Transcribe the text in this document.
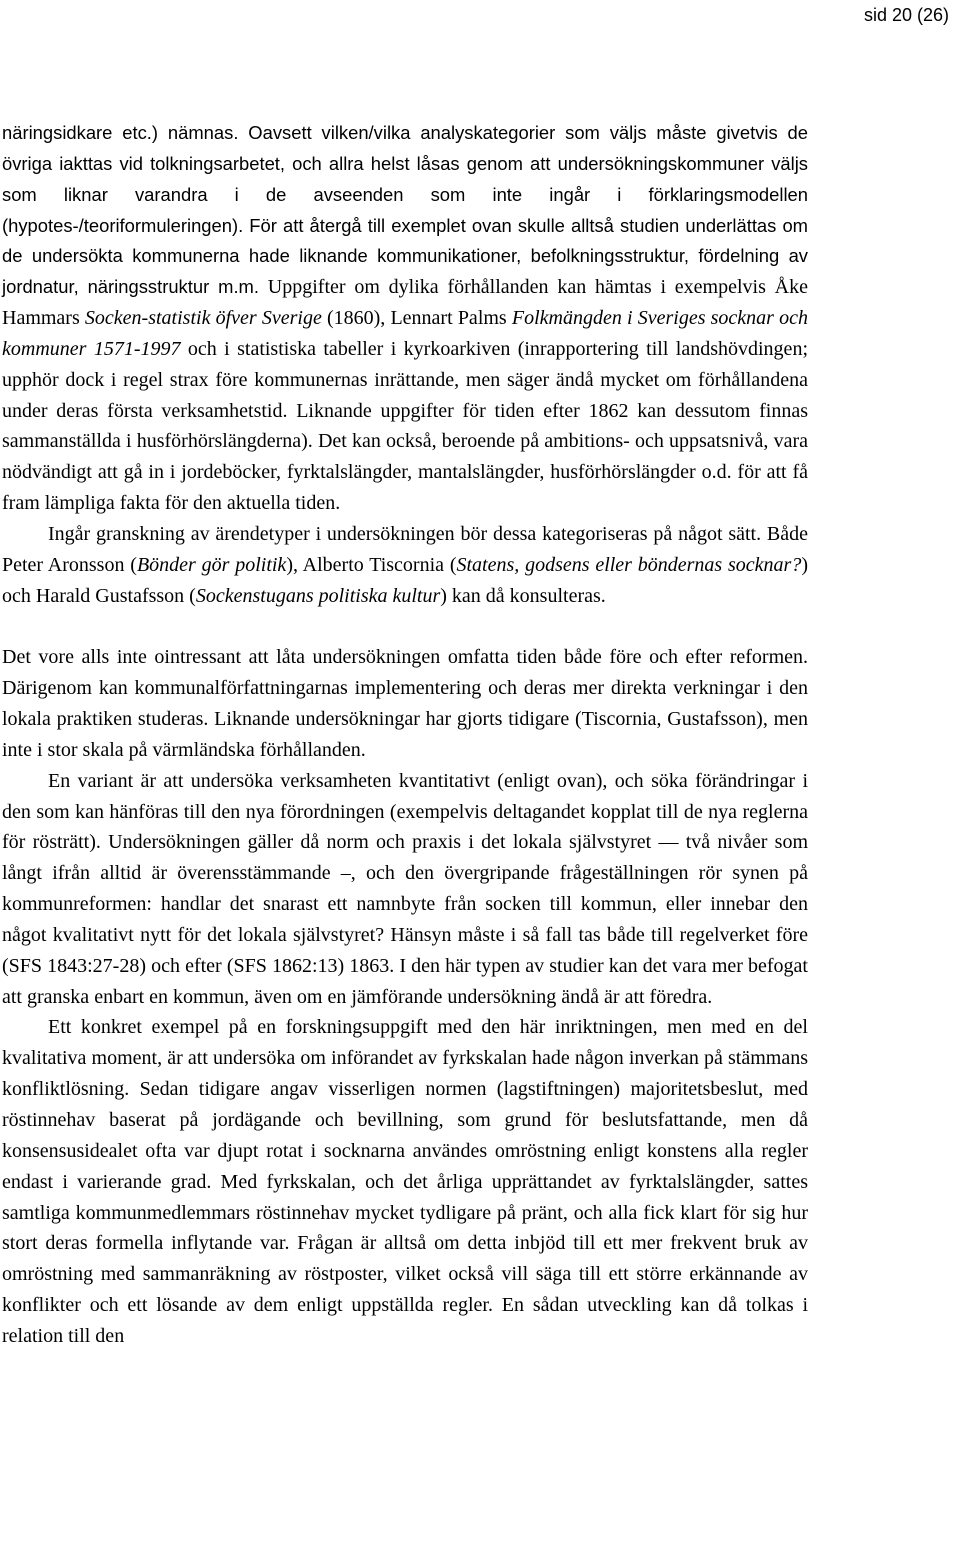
sid 20 (26)

näringsidkare etc.) nämnas. Oavsett vilken/vilka analyskategorier som väljs måste givetvis de övriga iakttas vid tolkningsarbetet, och allra helst låsas genom att undersökningskommuner väljs som liknar varandra i de avseenden som inte ingår i förklaringsmodellen (hypotes-/teoriformuleringen). För att återgå till exemplet ovan skulle alltså studien underlättas om de undersökta kommunerna hade liknande kommunikationer, befolkningsstruktur, fördelning av jordnatur, näringsstruktur m.m. Uppgifter om dylika förhållanden kan hämtas i exempelvis Åke Hammars Socken-statistik öfver Sverige (1860), Lennart Palms Folkmängden i Sveriges socknar och kommuner 1571-1997 och i statistiska tabeller i kyrkoarkiven (inrapportering till landshövdingen; upphör dock i regel strax före kommunernas inrättande, men säger ändå mycket om förhållandena under deras första verksamhetstid. Liknande uppgifter för tiden efter 1862 kan dessutom finnas sammanställda i husförhörslängderna). Det kan också, beroende på ambitions- och uppsatsnivå, vara nödvändigt att gå in i jordeböcker, fyrktalslängder, mantalslängder, husförhörslängder o.d. för att få fram lämpliga fakta för den aktuella tiden.

Ingår granskning av ärendetyper i undersökningen bör dessa kategoriseras på något sätt. Både Peter Aronsson (Bönder gör politik), Alberto Tiscornia (Statens, godsens eller böndernas socknar?) och Harald Gustafsson (Sockenstugans politiska kultur) kan då konsulteras.

Det vore alls inte ointressant att låta undersökningen omfatta tiden både före och efter reformen. Därigenom kan kommunalförfattningarnas implementering och deras mer direkta verkningar i den lokala praktiken studeras. Liknande undersökningar har gjorts tidigare (Tiscornia, Gustafsson), men inte i stor skala på värmländska förhållanden.

En variant är att undersöka verksamheten kvantitativt (enligt ovan), och söka förändringar i den som kan hänföras till den nya förordningen (exempelvis deltagandet kopplat till de nya reglerna för rösträtt). Undersökningen gäller då norm och praxis i det lokala självstyret — två nivåer som långt ifrån alltid är överensstämmande –, och den övergripande frågeställningen rör synen på kommunreformen: handlar det snarast ett namnbyte från socken till kommun, eller innebar den något kvalitativt nytt för det lokala självstyret? Hänsyn måste i så fall tas både till regelverket före (SFS 1843:27-28) och efter (SFS 1862:13) 1863. I den här typen av studier kan det vara mer befogat att granska enbart en kommun, även om en jämförande undersökning ändå är att föredra.

Ett konkret exempel på en forskningsuppgift med den här inriktningen, men med en del kvalitativa moment, är att undersöka om införandet av fyrkskalan hade någon inverkan på stämmans konfliktlösning. Sedan tidigare angav visserligen normen (lagstiftningen) majoritetsbeslut, med röstinnehav baserat på jordägande och bevillning, som grund för beslutsfattande, men då konsensusidealet ofta var djupt rotat i socknarna användes omröstning enligt konstens alla regler endast i varierande grad. Med fyrkskalan, och det årliga upprättandet av fyrktalslängder, sattes samtliga kommunmedlemmars röstinnehav mycket tydligare på pränt, och alla fick klart för sig hur stort deras formella inflytande var. Frågan är alltså om detta inbjöd till ett mer frekvent bruk av omröstning med sammanräkning av röstposter, vilket också vill säga till ett större erkännande av konflikter och ett lösande av dem enligt uppställda regler. En sådan utveckling kan då tolkas i relation till den
